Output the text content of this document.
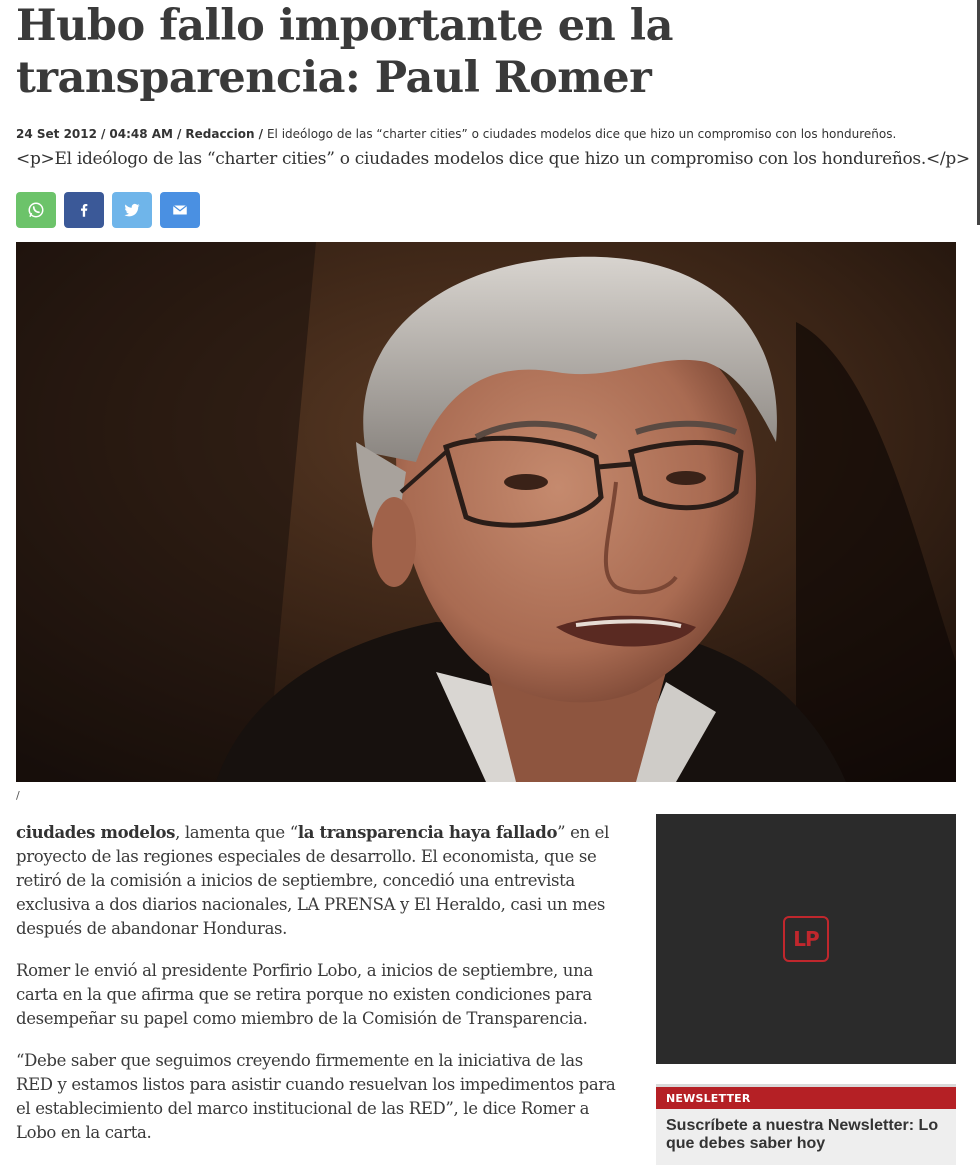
Hubo fallo importante en la transparencia: Paul Romer
24 Set 2012 / 04:48 AM / Redaccion / El ideólogo de las “charter cities” o ciudades modelos dice que hizo un compromiso con los hondureños.
<p>El ideólogo de las “charter cities” o ciudades modelos dice que hizo un compromiso con los hondureños.</p>
/

ciudades modelos, lamenta que “la transparencia haya fallado” en el proyecto de las regiones especiales de desarrollo. El economista, que se retiró de la comisión a inicios de septiembre, concedió una entrevista exclusiva a dos diarios nacionales, LA PRENSA y El Heraldo, casi un mes después de abandonar Honduras.

Romer le envió al presidente Porfirio Lobo, a inicios de septiembre, una carta en la que afirma que se retira porque no existen condiciones para desempeñar su papel como miembro de la Comisión de Transparencia.

“Debe saber que seguimos creyendo firmemente en la iniciativa de las RED y estamos listos para asistir cuando resuelvan los impedimentos para el establecimiento del marco institucional de las RED”, le dice Romer a Lobo en la carta.

LP
NEWSLETTER
Suscríbete a nuestra Newsletter: Lo que debes saber hoy
